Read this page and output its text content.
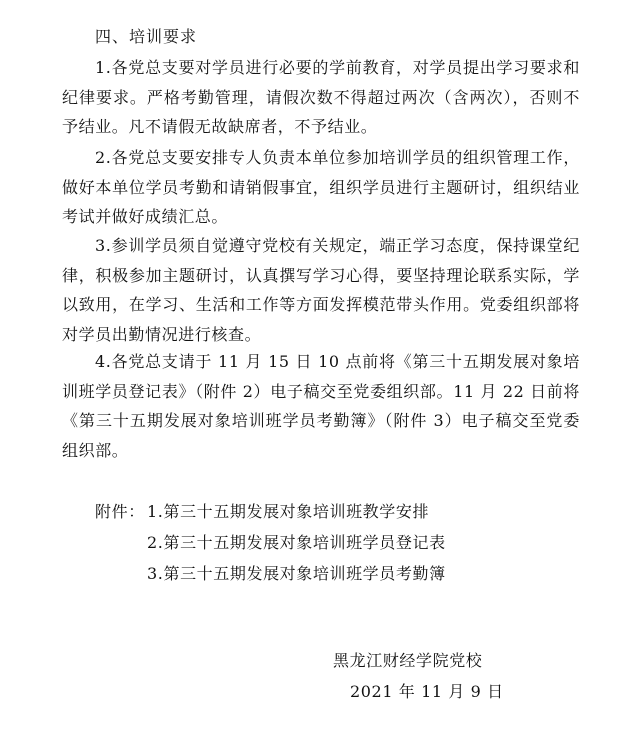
四、培训要求
1.各党总支要对学员进行必要的学前教育，对学员提出学习要求和纪律要求。严格考勤管理，请假次数不得超过两次（含两次），否则不予结业。凡不请假无故缺席者，不予结业。
2.各党总支要安排专人负责本单位参加培训学员的组织管理工作，做好本单位学员考勤和请销假事宜，组织学员进行主题研讨，组织结业考试并做好成绩汇总。
3.参训学员须自觉遵守党校有关规定，端正学习态度，保持课堂纪律，积极参加主题研讨，认真撰写学习心得，要坚持理论联系实际，学以致用，在学习、生活和工作等方面发挥模范带头作用。党委组织部将对学员出勤情况进行核查。
4.各党总支请于 11 月 15 日 10 点前将《第三十五期发展对象培训班学员登记表》（附件 2）电子稿交至党委组织部。11 月 22 日前将《第三十五期发展对象培训班学员考勤簿》（附件 3）电子稿交至党委组织部。
附件： 1.第三十五期发展对象培训班教学安排
2.第三十五期发展对象培训班学员登记表
3.第三十五期发展对象培训班学员考勤簿
黑龙江财经学院党校
2021 年 11 月 9 日
